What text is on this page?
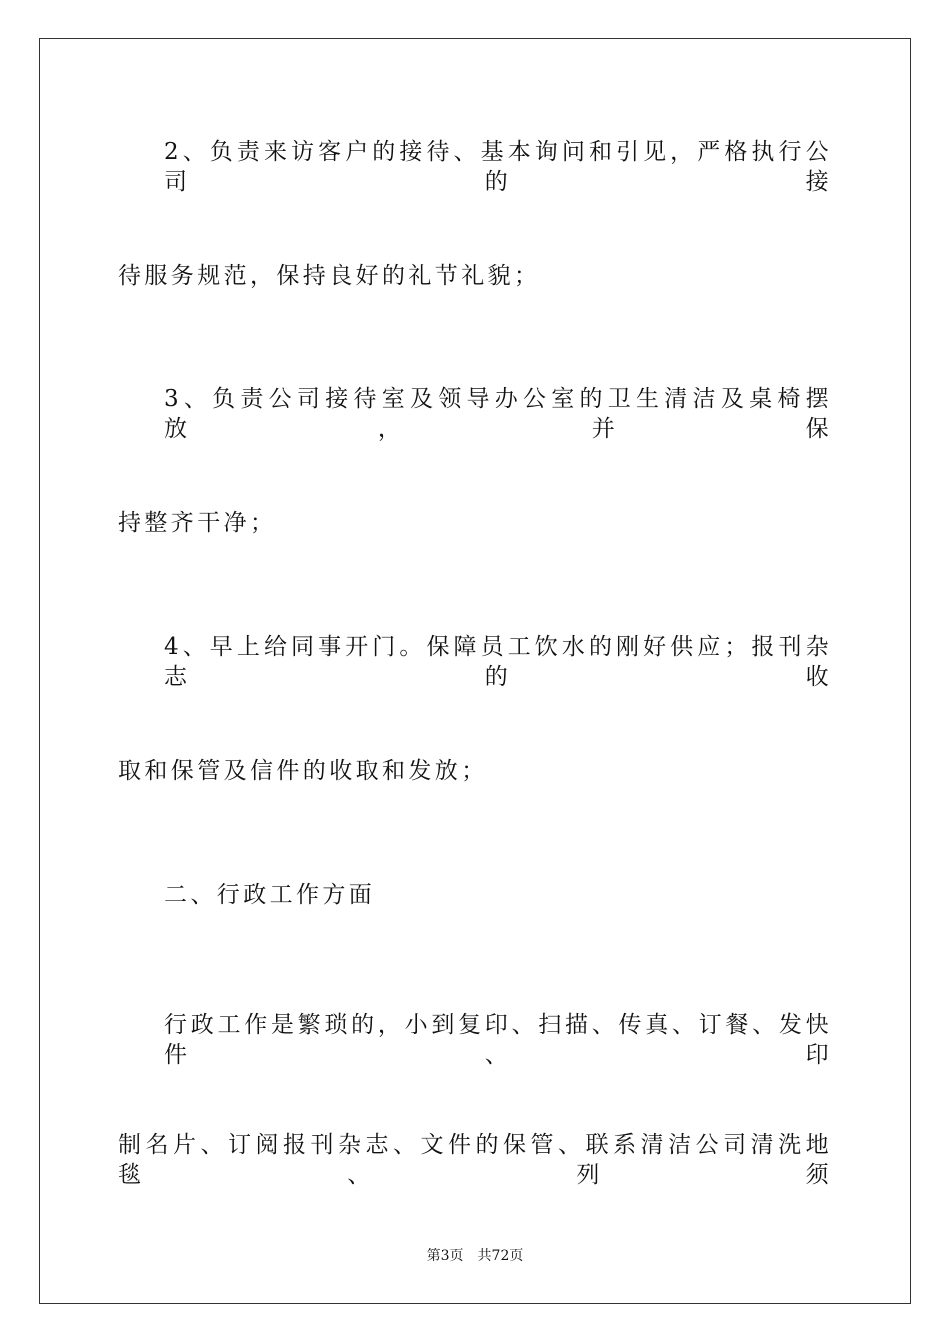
2、负责来访客户的接待、基本询问和引见，严格执行公司的接
待服务规范，保持良好的礼节礼貌；
3、负责公司接待室及领导办公室的卫生清洁及桌椅摆放，并保
持整齐干净；
4、早上给同事开门。保障员工饮水的刚好供应；报刊杂志的收
取和保管及信件的收取和发放；
二、行政工作方面
行政工作是繁琐的，小到复印、扫描、传真、订餐、发快件、印
制名片、订阅报刊杂志、文件的保管、联系清洁公司清洗地毯、列须
第3页 共72页
